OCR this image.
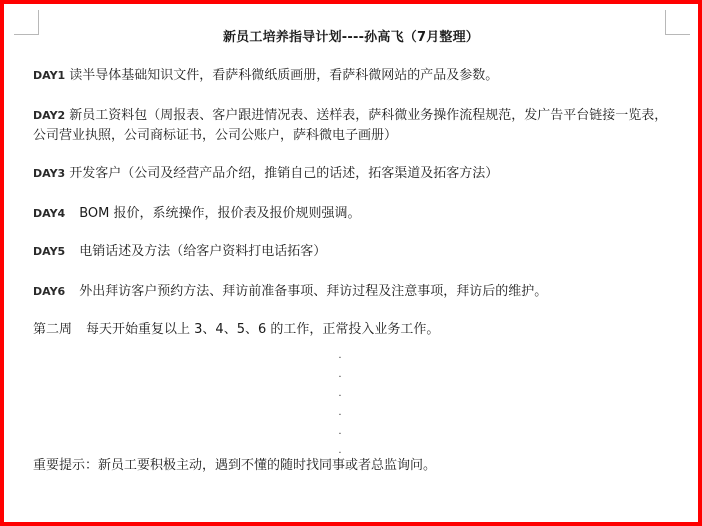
新员工培养指导计划----孙高飞（7月整理）
DAY1 读半导体基础知识文件，看萨科微纸质画册，看萨科微网站的产品及参数。
DAY2 新员工资料包（周报表、客户跟进情况表、送样表，萨科微业务操作流程规范，发广告平台链接一览表，公司营业执照，公司商标证书，公司公账户，萨科微电子画册）
DAY3 开发客户（公司及经营产品介绍，推销自己的话述，拓客渠道及拓客方法）
DAY4 BOM 报价，系统操作，报价表及报价规则强调。
DAY5 电销话述及方法（给客户资料打电话拓客）
DAY6 外出拜访客户预约方法、拜访前准备事项、拜访过程及注意事项，拜访后的维护。
第二周 每天开始重复以上 3、4、5、6 的工作，正常投入业务工作。
.
.
.
.
.
.
重要提示：新员工要积极主动，遇到不懂的随时找同事或者总监询问。
